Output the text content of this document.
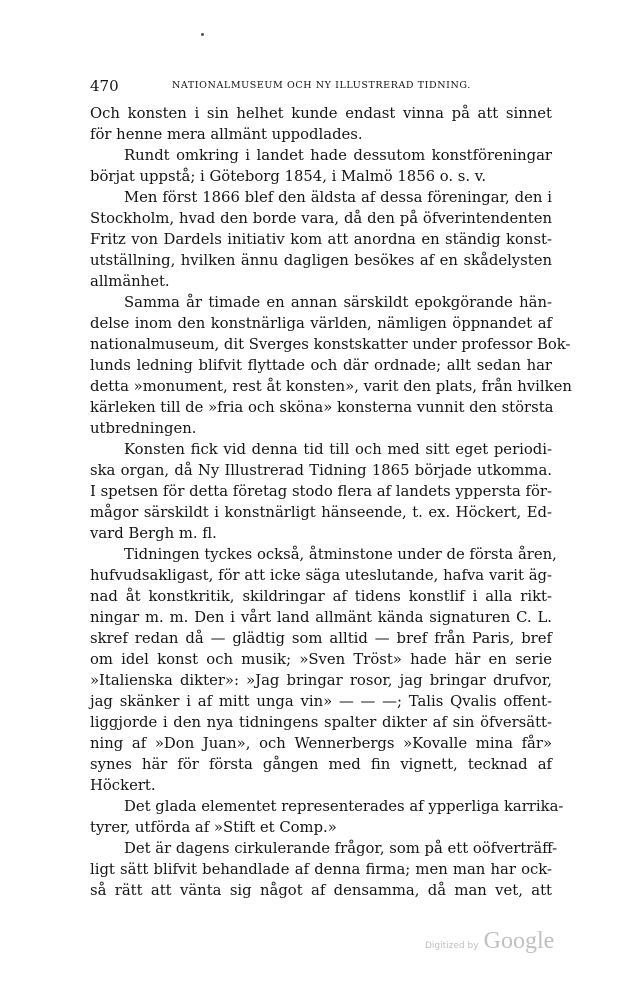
470	NATIONALMUSEUM OCH NY ILLUSTRERAD TIDNING.
Och konsten i sin helhet kunde endast vinna på att sinnet
för henne mera allmänt uppodlades.
Rundt omkring i landet hade dessutom konstföreningar
börjat uppstå; i Göteborg 1854, i Malmö 1856 o. s. v.
Men först 1866 blef den äldsta af dessa föreningar, den i
Stockholm, hvad den borde vara, då den på öfverintendenten
Fritz von Dardels initiativ kom att anordna en ständig konst-
utställning, hvilken ännu dagligen besökes af en skådelysten
allmänhet.
Samma år timade en annan särskildt epokgörande hän-
delse inom den konstnärliga världen, nämligen öppnandet af
nationalmuseum, dit Sverges konstskatter under professor Bok-
lunds ledning blifvit flyttade och där ordnade; allt sedan har
detta »monument, rest åt konsten», varit den plats, från hvilken
kärleken till de »fria och sköna» konsterna vunnit den största
utbredningen.
Konsten fick vid denna tid till och med sitt eget periodi-
ska organ, då Ny Illustrerad Tidning 1865 började utkomma.
I spetsen för detta företag stodo flera af landets yppersta för-
mågor särskildt i konstnärligt hänseende, t. ex. Höckert, Ed-
vard Bergh m. fl.
Tidningen tyckes också, åtminstone under de första åren,
hufvudsakligast, för att icke säga uteslutande, hafva varit äg-
nad åt konstkritik, skildringar af tidens konstlif i alla rikt-
ningar m. m. Den i vårt land allmänt kända signaturen C. L.
skref redan då — glädtig som alltid — bref från Paris, bref
om idel konst och musik; »Sven Tröst» hade här en serie
»Italienska dikter»: »Jag bringar rosor, jag bringar drufvor,
jag skänker i af mitt unga vin» — — —; Talis Qvalis offent-
liggjorde i den nya tidningens spalter dikter af sin öfversätt-
ning af »Don Juan», och Wennerbergs »Kovalle mina får»
synes här för första gången med fin vignett, tecknad af
Höckert.
Det glada elementet representerades af ypperliga karrika-
tyrer, utförda af »Stift et Comp.»
Det är dagens cirkulerande frågor, som på ett oöfverträff-
ligt sätt blifvit behandlade af denna firma; men man har ock-
så rätt att vänta sig något af densamma, då man vet, att
Digitized by Google
